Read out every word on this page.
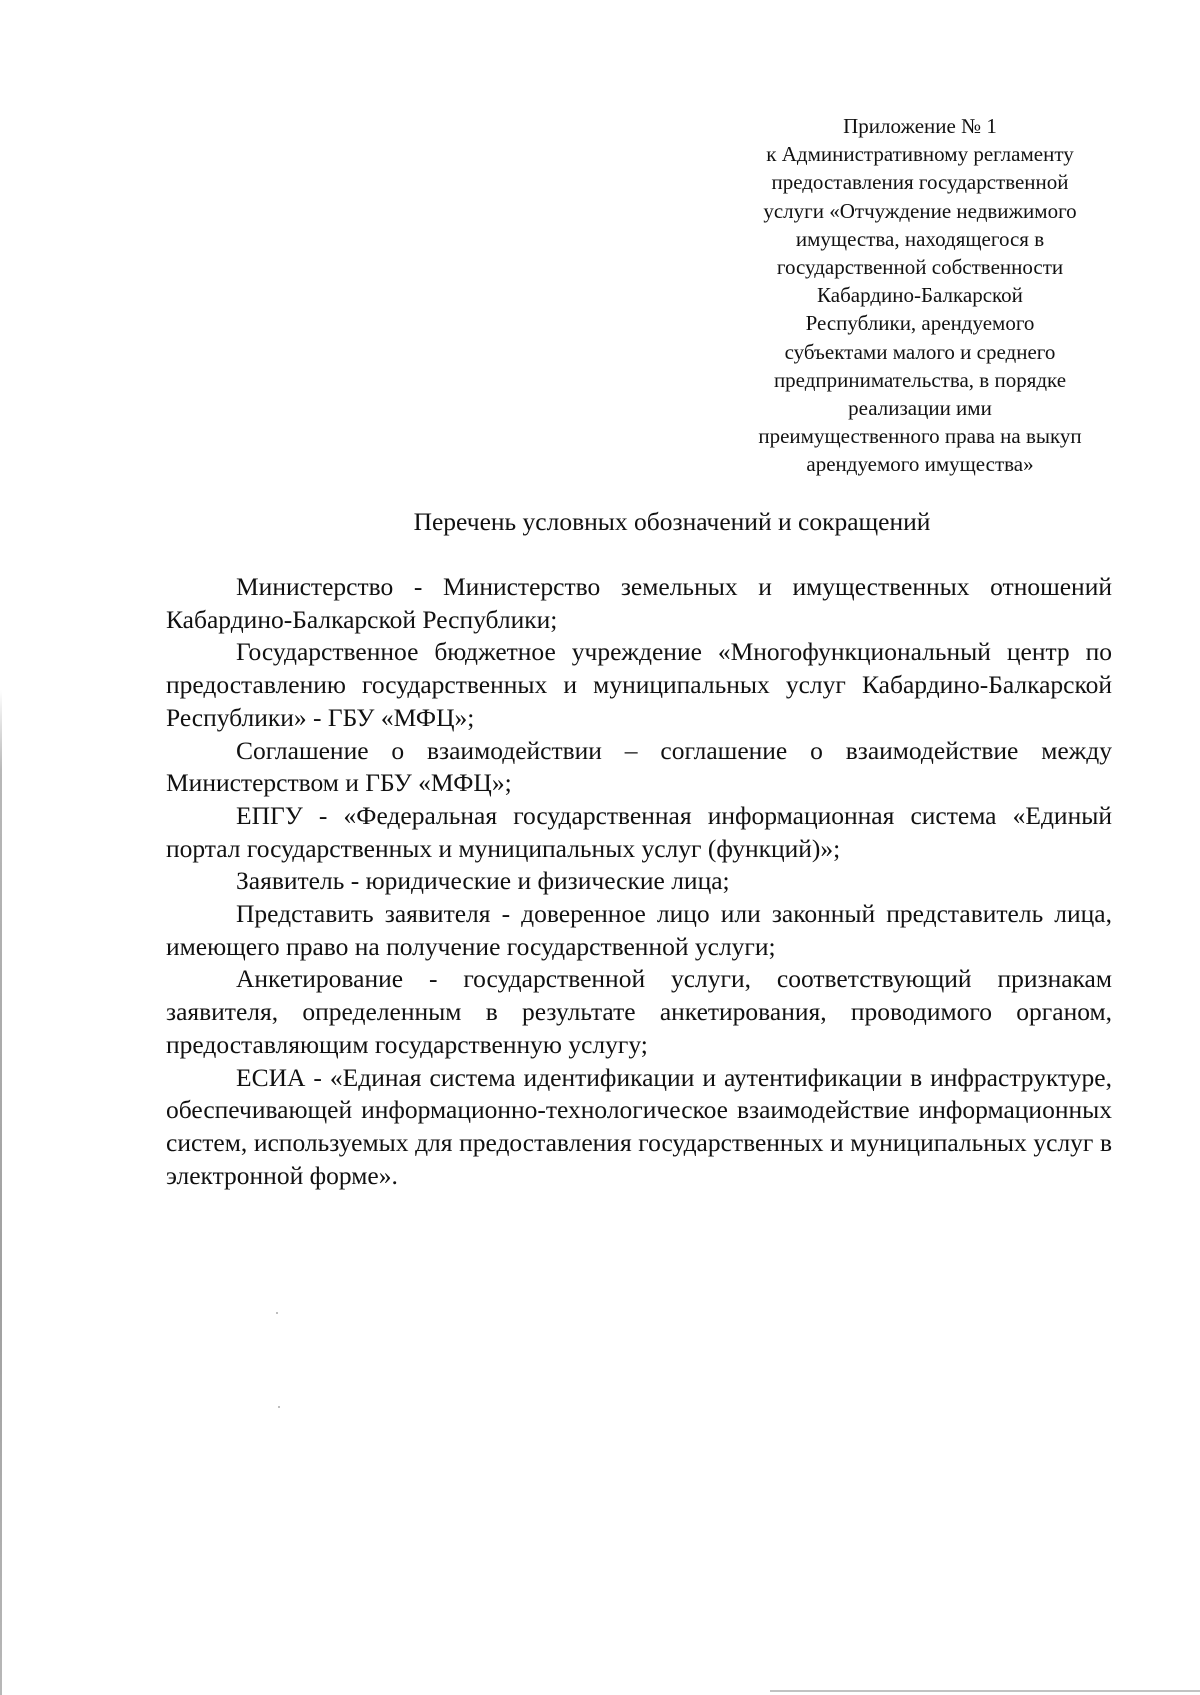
Приложение № 1
к Административному регламенту
предоставления государственной
услуги «Отчуждение недвижимого
имущества, находящегося в
государственной собственности
Кабардино-Балкарской
Республики, арендуемого
субъектами малого и среднего
предпринимательства, в порядке
реализации ими
преимущественного права на выкуп
арендуемого имущества»
Перечень условных обозначений и сокращений

Министерство - Министерство земельных и имущественных отношений Кабардино-Балкарской Республики;

Государственное бюджетное учреждение «Многофункциональный центр по предоставлению государственных и муниципальных услуг Кабардино-Балкарской Республики» - ГБУ «МФЦ»;

Соглашение о взаимодействии – соглашение о взаимодействие между Министерством и ГБУ «МФЦ»;

ЕПГУ - «Федеральная государственная информационная система «Единый портал государственных и муниципальных услуг (функций)»;

Заявитель - юридические и физические лица;

Представить заявителя - доверенное лицо или законный представитель лица, имеющего право на получение государственной услуги;

Анкетирование - государственной услуги, соответствующий признакам заявителя, определенным в результате анкетирования, проводимого органом, предоставляющим государственную услугу;

ЕСИА - «Единая система идентификации и аутентификации в инфраструктуре, обеспечивающей информационно-технологическое взаимодействие информационных систем, используемых для предоставления государственных и муниципальных услуг в электронной форме».
